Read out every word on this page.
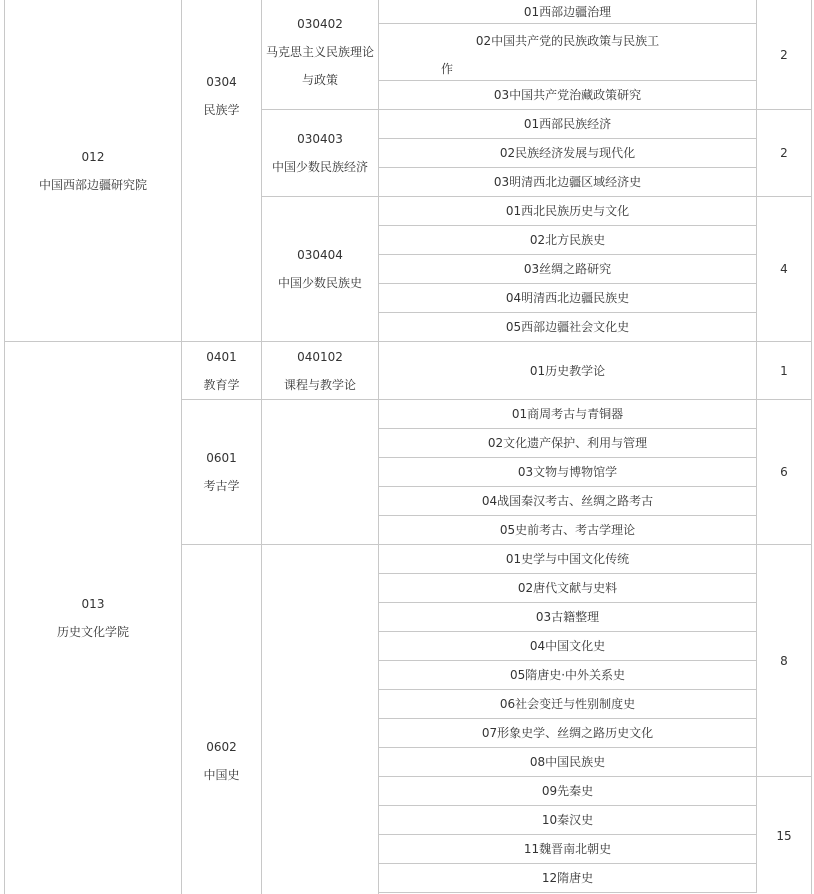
012
中国西部边疆研究院
013
历史文化学院
0304
民族学
0401
教育学
0601
考古学
0602
中国史
030402
马克思主义民族理论
与政策
030403
中国少数民族经济
030404
中国少数民族史
040102
课程与教学论
01西部边疆治理
02中国共产党的民族政策与民族工
作
03中国共产党治藏政策研究
01西部民族经济
02民族经济发展与现代化
03明清西北边疆区域经济史
01西北民族历史与文化
02北方民族史
03丝绸之路研究
04明清西北边疆民族史
05西部边疆社会文化史
01历史教学论
01商周考古与青铜器
02文化遗产保护、利用与管理
03文物与博物馆学
04战国秦汉考古、丝绸之路考古
05史前考古、考古学理论
01史学与中国文化传统
02唐代文献与史料
03古籍整理
04中国文化史
05隋唐史·中外关系史
06社会变迁与性别制度史
07形象史学、丝绸之路历史文化
08中国民族史
09先秦史
10秦汉史
11魏晋南北朝史
12隋唐史
2
2
4
1
6
8
15
